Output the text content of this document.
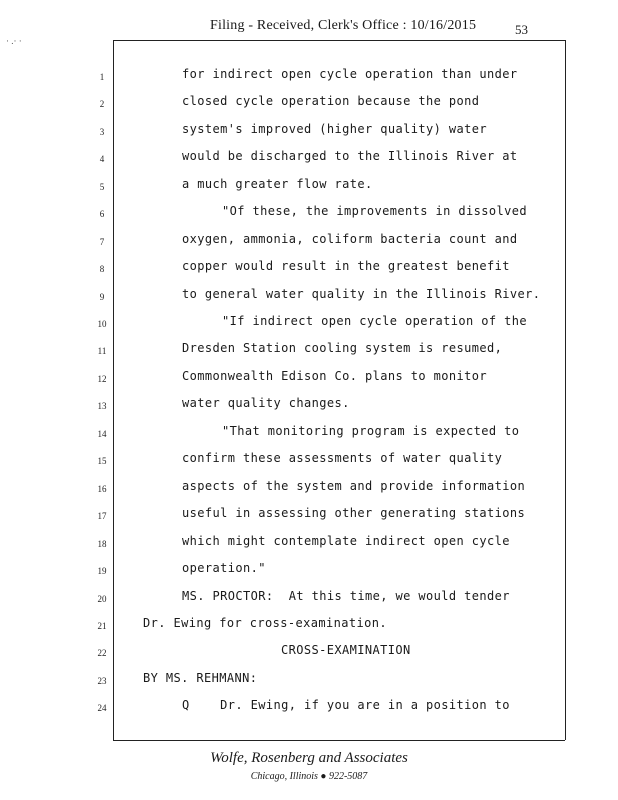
Filing - Received, Clerk's Office : 10/16/2015	53
· .· ·
1	for indirect open cycle operation than under
2	closed cycle operation because the pond
3	system's improved (higher quality) water
4	would be discharged to the Illinois River at
5	a much greater flow rate.
6	"Of these, the improvements in dissolved
7	oxygen, ammonia, coliform bacteria count and
8	copper would result in the greatest benefit
9	to general water quality in the Illinois River.
10	"If indirect open cycle operation of the
11	Dresden Station cooling system is resumed,
12	Commonwealth Edison Co. plans to monitor
13	water quality changes.
14	"That monitoring program is expected to
15	confirm these assessments of water quality
16	aspects of the system and provide information
17	useful in assessing other generating stations
18	which might contemplate indirect open cycle
19	operation."
20	MS. PROCTOR:  At this time, we would tender
21	Dr. Ewing for cross-examination.
22	CROSS-EXAMINATION
23	BY MS. REHMANN:
24	Q    Dr. Ewing, if you are in a position to
Wolfe, Rosenberg and Associates
Chicago, Illinois ● 922-5087
